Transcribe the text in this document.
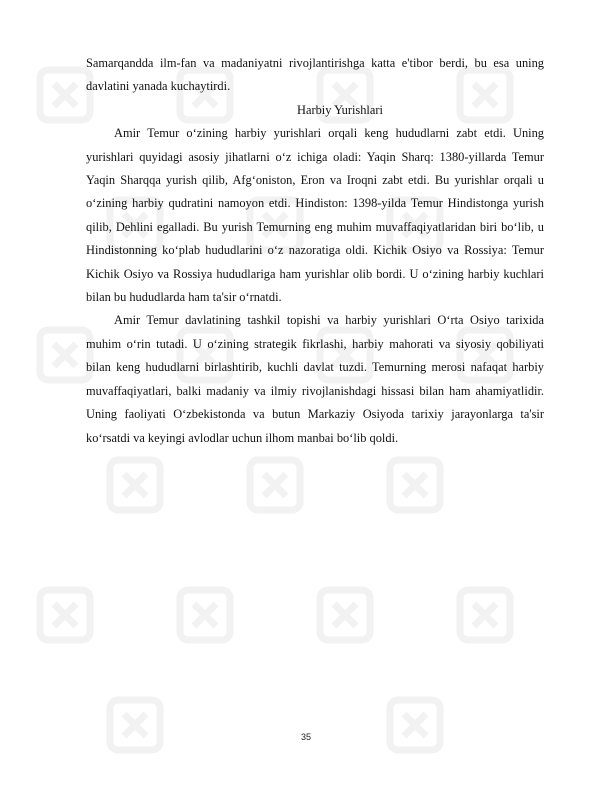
Samarqandda ilm-fan va madaniyatni rivojlantirishga katta e'tibor berdi, bu esa uning davlatini yanada kuchaytirdi.

Harbiy Yurishlari

Amir Temur o‘zining harbiy yurishlari orqali keng hududlarni zabt etdi. Uning yurishlari quyidagi asosiy jihatlarni o‘z ichiga oladi: Yaqin Sharq: 1380-yillarda Temur Yaqin Sharqqa yurish qilib, Afg‘oniston, Eron va Iroqni zabt etdi. Bu yurishlar orqali u o‘zining harbiy qudratini namoyon etdi. Hindiston: 1398-yilda Temur Hindistonga yurish qilib, Dehlini egalladi. Bu yurish Temurning eng muhim muvaffaqiyatlaridan biri bo‘lib, u Hindistonning ko‘plab hududlarini o‘z nazoratiga oldi. Kichik Osiyo va Rossiya: Temur Kichik Osiyo va Rossiya hududlariga ham yurishlar olib bordi. U o‘zining harbiy kuchlari bilan bu hududlarda ham ta'sir o‘rnatdi.

Amir Temur davlatining tashkil topishi va harbiy yurishlari O‘rta Osiyo tarixida muhim o‘rin tutadi. U o‘zining strategik fikrlashi, harbiy mahorati va siyosiy qobiliyati bilan keng hududlarni birlashtirib, kuchli davlat tuzdi. Temurning merosi nafaqat harbiy muvaffaqiyatlari, balki madaniy va ilmiy rivojlanishdagi hissasi bilan ham ahamiyatlidir. Uning faoliyati O‘zbekistonda va butun Markaziy Osiyoda tarixiy jarayonlarga ta'sir ko‘rsatdi va keyingi avlodlar uchun ilhom manbai bo‘lib qoldi.

35
